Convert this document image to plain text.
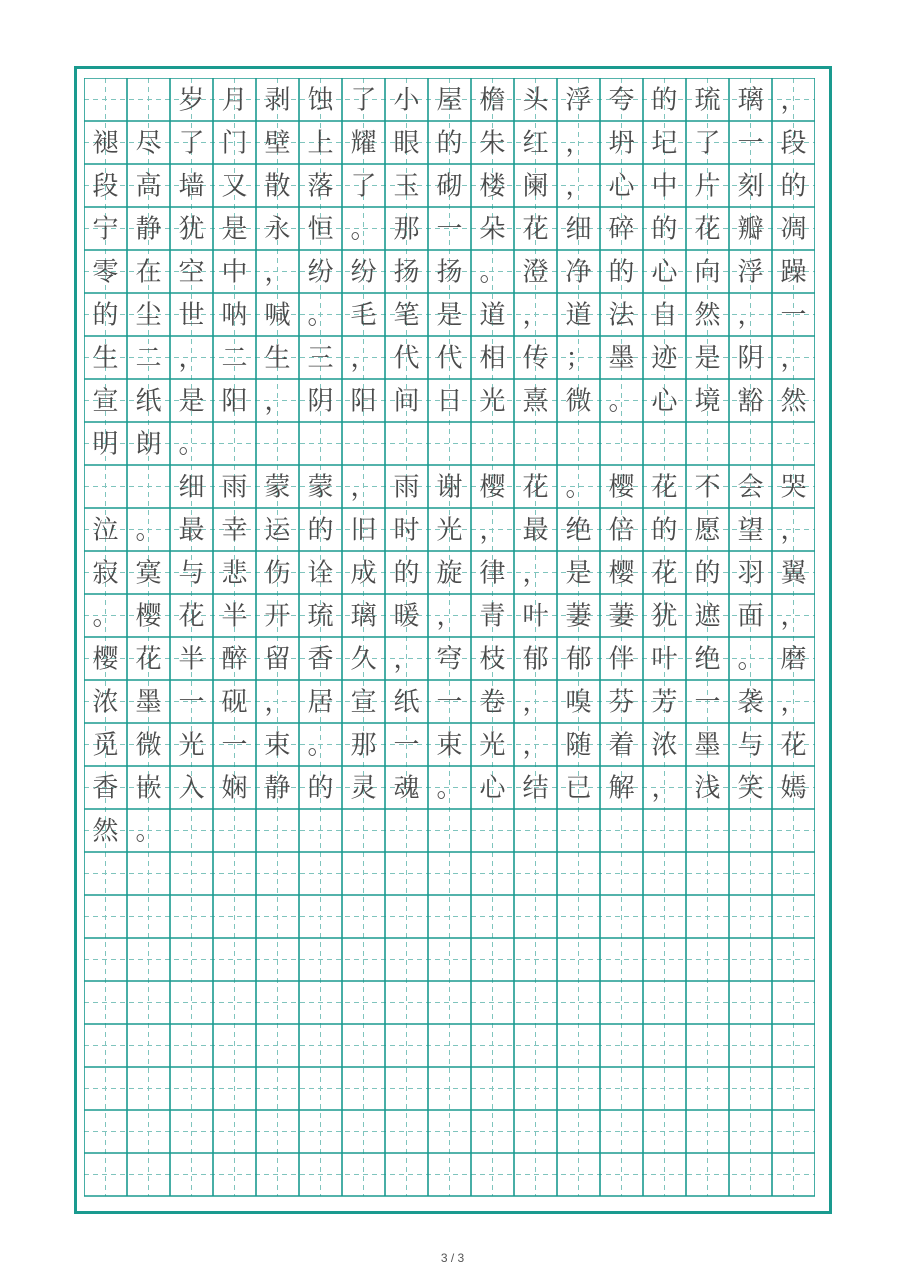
岁 月 剥 蚀 了 小 屋 檐 头 浮 夸 的 琉 璃 ，
褪 尽 了 门 壁 上 耀 眼 的 朱 红 ， 坍 圮 了 一 段
段 高 墙 又 散 落 了 玉 砌 楼 阑 ， 心 中 片 刻 的
宁 静 犹 是 永 恒 。 那 一 朵 花 细 碎 的 花 瓣 凋
零 在 空 中 ， 纷 纷 扬 扬 。 澄 净 的 心 向 浮 躁
的 尘 世 呐 喊 。 毛 笔 是 道 ， 道 法 自 然 ， 一
生 二 ， 二 生 三 ， 代 代 相 传 ； 墨 迹 是 阴 ，
宣 纸 是 阳 ， 阴 阳 间 日 光 熹 微 。 心 境 豁 然
明 朗 。
细 雨 蒙 蒙 ， 雨 谢 樱 花 。 樱 花 不 会 哭
泣 。 最 幸 运 的 旧 时 光 ， 最 绝 倍 的 愿 望 ，
寂 寞 与 悲 伤 诠 成 的 旋 律 ， 是 樱 花 的 羽 翼
。 樱 花 半 开 琉 璃 暖 ， 青 叶 萋 萋 犹 遮 面 ，
樱 花 半 醉 留 香 久 ， 穹 枝 郁 郁 伴 叶 绝 。 磨
浓 墨 一 砚 ， 居 宣 纸 一 卷 ， 嗅 芬 芳 一 袭 ，
觅 微 光 一 束 。 那 一 束 光 ， 随 着 浓 墨 与 花
香 嵌 入 娴 静 的 灵 魂 。 心 结 已 解 ， 浅 笑 嫣
然 。
3 / 3
